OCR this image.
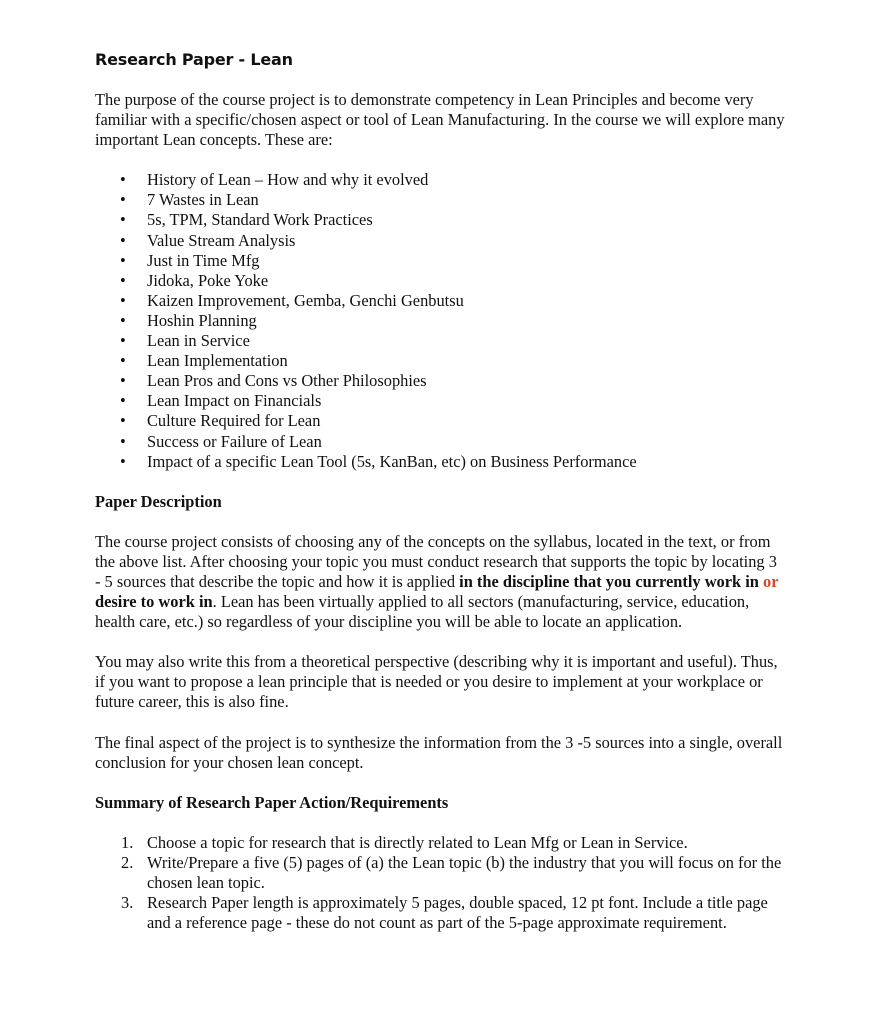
Research Paper - Lean

The purpose of the course project is to demonstrate competency in Lean Principles and become very familiar with a specific/chosen aspect or tool of Lean Manufacturing. In the course we will explore many important Lean concepts. These are:

• History of Lean – How and why it evolved
• 7 Wastes in Lean
• 5s, TPM, Standard Work Practices
• Value Stream Analysis
• Just in Time Mfg
• Jidoka, Poke Yoke
• Kaizen Improvement, Gemba, Genchi Genbutsu
• Hoshin Planning
• Lean in Service
• Lean Implementation
• Lean Pros and Cons vs Other Philosophies
• Lean Impact on Financials
• Culture Required for Lean
• Success or Failure of Lean
• Impact of a specific Lean Tool (5s, KanBan, etc) on Business Performance
Paper Description

The course project consists of choosing any of the concepts on the syllabus, located in the text, or from the above list. After choosing your topic you must conduct research that supports the topic by locating 3 - 5 sources that describe the topic and how it is applied in the discipline that you currently work in or desire to work in. Lean has been virtually applied to all sectors (manufacturing, service, education, health care, etc.) so regardless of your discipline you will be able to locate an application.

You may also write this from a theoretical perspective (describing why it is important and useful). Thus, if you want to propose a lean principle that is needed or you desire to implement at your workplace or future career, this is also fine.

The final aspect of the project is to synthesize the information from the 3 -5 sources into a single, overall conclusion for your chosen lean concept.

Summary of Research Paper Action/Requirements
1. Choose a topic for research that is directly related to Lean Mfg or Lean in Service.
2. Write/Prepare a five (5) pages of (a) the Lean topic (b) the industry that you will focus on for the chosen lean topic.
3. Research Paper length is approximately 5 pages, double spaced, 12 pt font. Include a title page and a reference page - these do not count as part of the 5-page approximate requirement.
